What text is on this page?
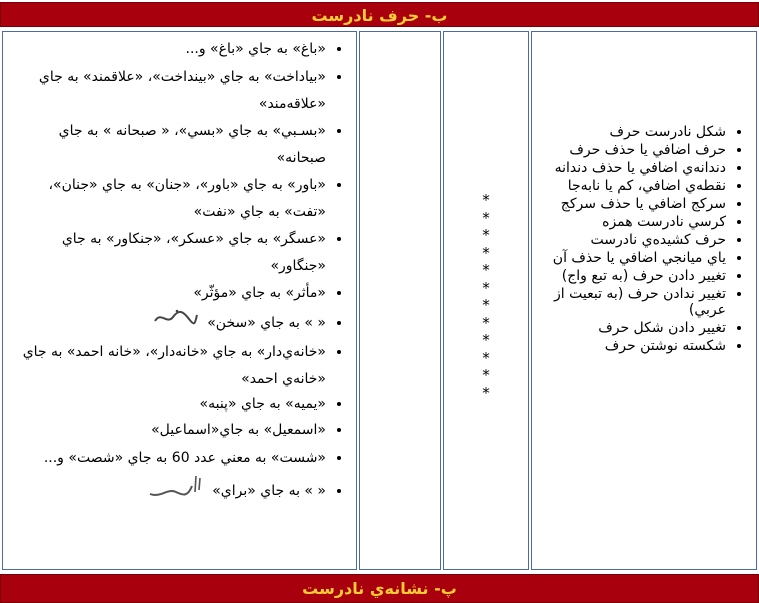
ب- حرف نادرست
• «باغ» به جاي «باغ» و...
• «بياداخت» به جاي «بينداخت»، «علاقمند» به جاي «علاقه‌مند»
• «بسـبي» به جاي «بسي»، « صبحانه » به جاي صبحانه»
• «باور» به جاي «باور»، «جنان» به جاي «جنان»، «تفت» به جاي «نفت»
• «عسگر» به جاي «عسكر»، «جنكاور» به جاي «جنگاور»
• «مأثر» به جاي «مؤثّر»
• « » به جاي «سخن»
• «خانه‌ي‌دار» به جاي «خانه‌دار»، «خانه احمد» به جاي «خانه‌ي احمد»
• «يميه» به جاي «پنبه»
• «اسمعيل» به جاي«اسماعيل»
• «شست» به معني عدد 60 به جاي «شصت» و...
• « » به جاي «براي»

*
*
*
*
*
*
*
*
*
*
*
*

• شكل نادرست حرف
• حرف اضافي يا حذف حرف
• دندانه‌ي اضافي يا حذف دندانه
• نقطه‌ي اضافي، كم يا نابه‌جا
• سركج اضافي يا حذف سركج
• كرسي نادرست همزه
• حرف كشيده‌ي نادرست
• ياي ميانجي اضافي يا حذف آن
• تغيير دادن حرف (به تبع واج)
• تغيير ندادن حرف (به تبعيت از عربي)
• تغيير دادن شكل حرف
• شكسته نوشتن حرف
پ- نشانه‌ي نادرست
